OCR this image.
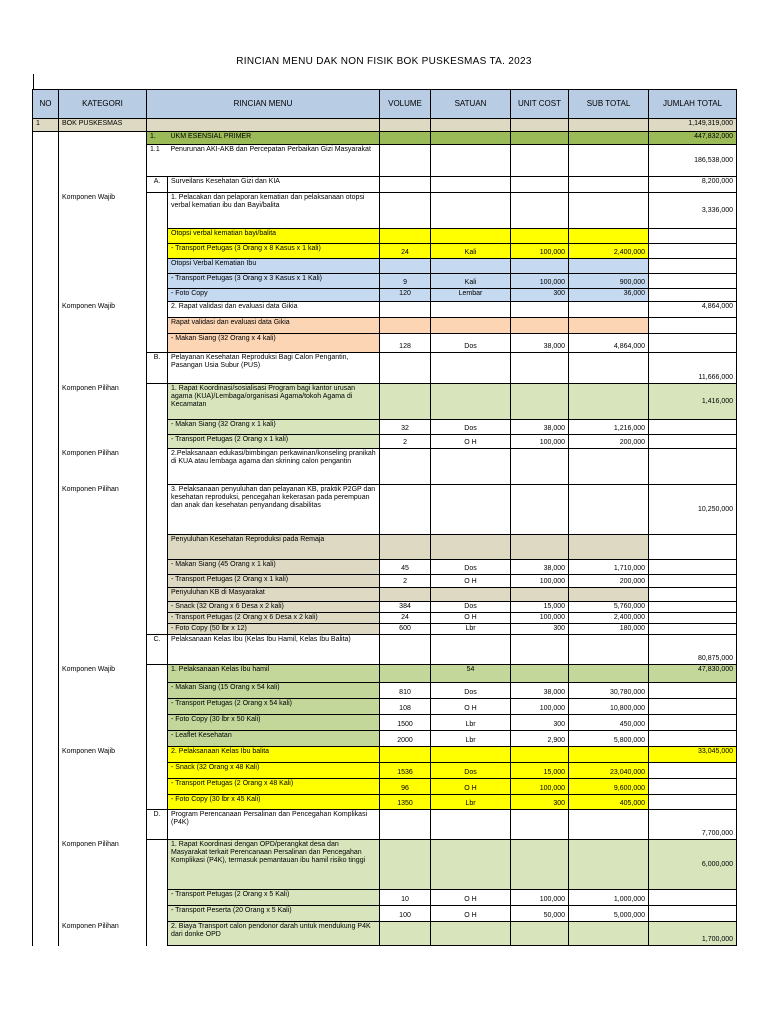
RINCIAN MENU DAK NON FISIK BOK PUSKESMAS TA. 2023
NO	KATEGORI	RINCIAN MENU		VOLUME	SATUAN	UNIT COST	SUB TOTAL	JUMLAH TOTAL
1	BOK PUSKESMAS							1,149,319,000
		1.	UKM ESENSIAL PRIMER					447,832,000
		1.1	Penurunan AKI-AKB dan Percepatan Perbaikan Gizi Masyarakat					186,538,000
		A.	Surveilans Kesehatan Gizi dan KIA					8,200,000
	Komponen Wajib		1. Pelacakan dan pelaporan kematian dan pelaksanaan otopsi verbal kematian ibu dan Bayi/balita					3,336,000
			Otopsi verbal kematian bayi/balita					
			- Transport Petugas (3 Orang x 8 Kasus x 1 kali)	24	Kali	100,000	2,400,000	
			Otopsi Verbal Kematian Ibu					
			- Transport Petugas (3 Orang x 3 Kasus x 1 Kali)	9	Kali	100,000	900,000	
			- Foto Copy	120	Lembar	300	36,000	
	Komponen Wajib		2. Rapat validasi dan evaluasi data Gikia					4,864,000
			Rapat validasi dan evaluasi data Gikia					
			- Makan Siang (32 Orang x 4 kali)	128	Dos	38,000	4,864,000	
		B.	Pelayanan Kesehatan Reproduksi Bagi Calon Pengantin, Pasangan Usia Subur (PUS)					11,666,000
	Komponen Pilihan		1. Rapat Koordinasi/sosialisasi Program bagi kantor urusan agama (KUA)/Lembaga/organisasi Agama/tokoh Agama di Kecamatan					1,416,000
			- Makan Siang (32 Orang x 1 kali)	32	Dos	38,000	1,216,000	
			- Transport Petugas (2 Orang x 1 kali)	2	O H	100,000	200,000	
	Komponen Pilihan		2.Pelaksanaan edukasi/bimbingan perkawinan/konseling pranikah di KUA atau lembaga agama dan skrining calon pengantin					
	Komponen Pilihan		3. Pelaksanaan penyuluhan dan pelayanan KB, praktik P2GP dan kesehatan reproduksi, pencegahan kekerasan pada perempuan dan anak dan kesehatan penyandang disabilitas					10,250,000
			Penyuluhan Kesehatan Reproduksi pada Remaja					
			- Makan Siang (45 Orang x 1 kali)	45	Dos	38,000	1,710,000	
			- Transport Petugas (2 Orang x 1 kali)	2	O H	100,000	200,000	
			Penyuluhan KB di Masyarakat					
			- Snack (32 Orang x 6 Desa x 2 kali)	384	Dos	15,000	5,760,000	
			- Transport Petugas (2 Orang x 6 Desa x 2 kali)	24	O H	100,000	2,400,000	
			- Foto Copy (50 lbr x 12)	600	Lbr	300	180,000	
		C.	Pelaksanaan Kelas Ibu (Kelas Ibu Hamil, Kelas Ibu Balita)					80,875,000
	Komponen Wajib		1. Pelaksanaan Kelas Ibu hamil		54			47,830,000
			- Makan Siang (15 Orang x 54 kali)	810	Dos	38,000	30,780,000	
			- Transport Petugas (2 Orang x 54 kali)	108	O H	100,000	10,800,000	
			- Foto Copy (30 lbr x 50 Kali)	1500	Lbr	300	450,000	
			- Leaflet Kesehatan	2000	Lbr	2,900	5,800,000	
	Komponen Wajib		2. Pelaksanaan Kelas Ibu balita					33,045,000
			- Snack (32 Orang x 48 Kali)	1536	Dos	15,000	23,040,000	
			- Transport Petugas (2 Orang x 48 Kali)	96	O H	100,000	9,600,000	
			- Foto Copy (30 lbr x 45 Kali)	1350	Lbr	300	405,000	
		D.	Program Perencanaan Persalinan dan Pencegahan Komplikasi (P4K)					7,700,000
	Komponen Pilihan		1. Rapat Koordinasi dengan OPD/perangkat desa dan Masyarakat terkait Perencanaan Persalinan dan Pencegahan Komplikasi (P4K), termasuk pemantauan ibu hamil risiko tinggi					6,000,000
			- Transport Petugas (2 Orang x 5 Kali)	10	O H	100,000	1,000,000	
			- Transport Peserta (20 Orang x 5 Kali)	100	O H	50,000	5,000,000	
	Komponen Pilihan		2. Biaya Transport calon pendonor darah untuk mendukung P4K dari donke OPD					1,700,000
